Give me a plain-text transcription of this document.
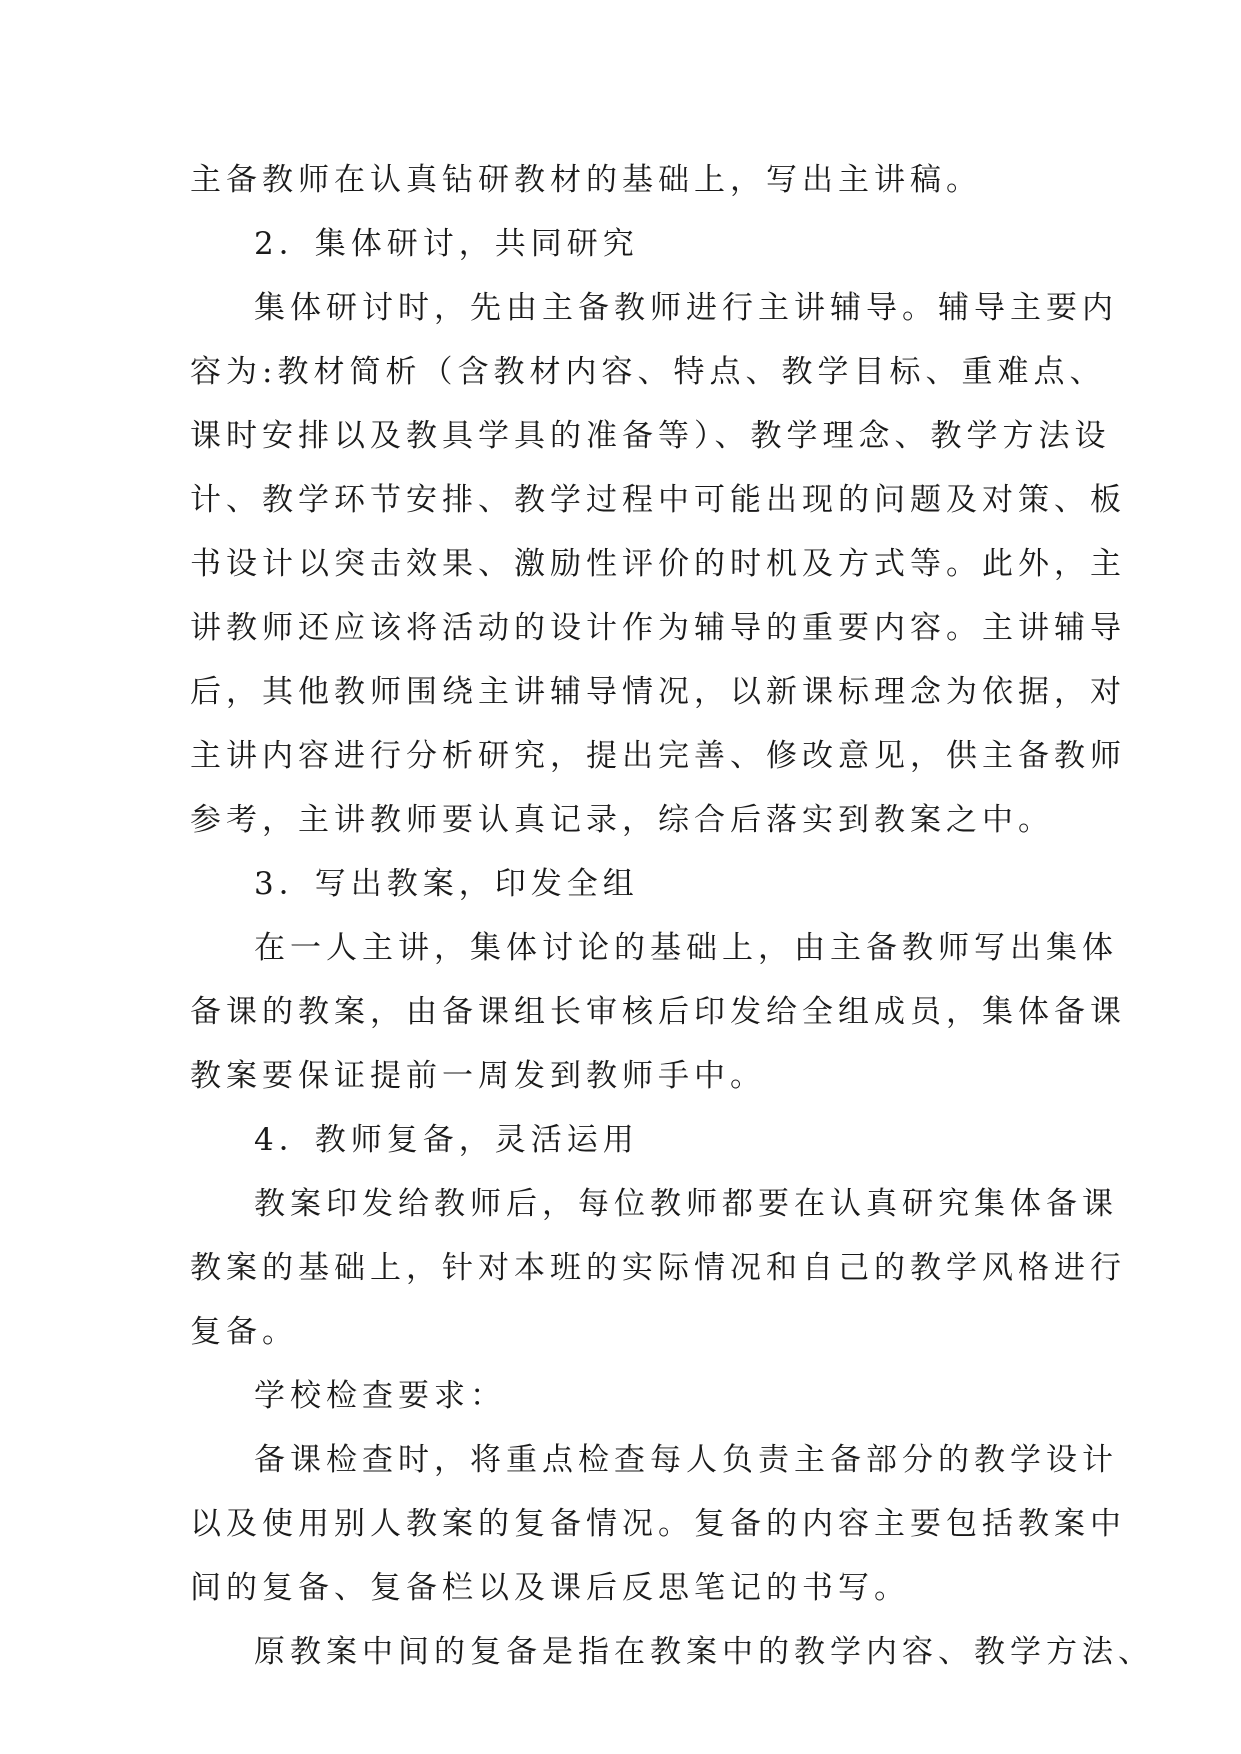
主备教师在认真钻研教材的基础上，写出主讲稿。
2．集体研讨，共同研究
集体研讨时，先由主备教师进行主讲辅导。辅导主要内
容为:教材简析（含教材内容、特点、教学目标、重难点、
课时安排以及教具学具的准备等）、教学理念、教学方法设
计、教学环节安排、教学过程中可能出现的问题及对策、板
书设计以突击效果、激励性评价的时机及方式等。此外，主
讲教师还应该将活动的设计作为辅导的重要内容。主讲辅导
后，其他教师围绕主讲辅导情况，以新课标理念为依据，对
主讲内容进行分析研究，提出完善、修改意见，供主备教师
参考，主讲教师要认真记录，综合后落实到教案之中。
3．写出教案，印发全组
在一人主讲，集体讨论的基础上，由主备教师写出集体
备课的教案，由备课组长审核后印发给全组成员，集体备课
教案要保证提前一周发到教师手中。
4．教师复备，灵活运用
教案印发给教师后，每位教师都要在认真研究集体备课
教案的基础上，针对本班的实际情况和自己的教学风格进行
复备。
学校检查要求：
备课检查时，将重点检查每人负责主备部分的教学设计
以及使用别人教案的复备情况。复备的内容主要包括教案中
间的复备、复备栏以及课后反思笔记的书写。
原教案中间的复备是指在教案中的教学内容、教学方法、
